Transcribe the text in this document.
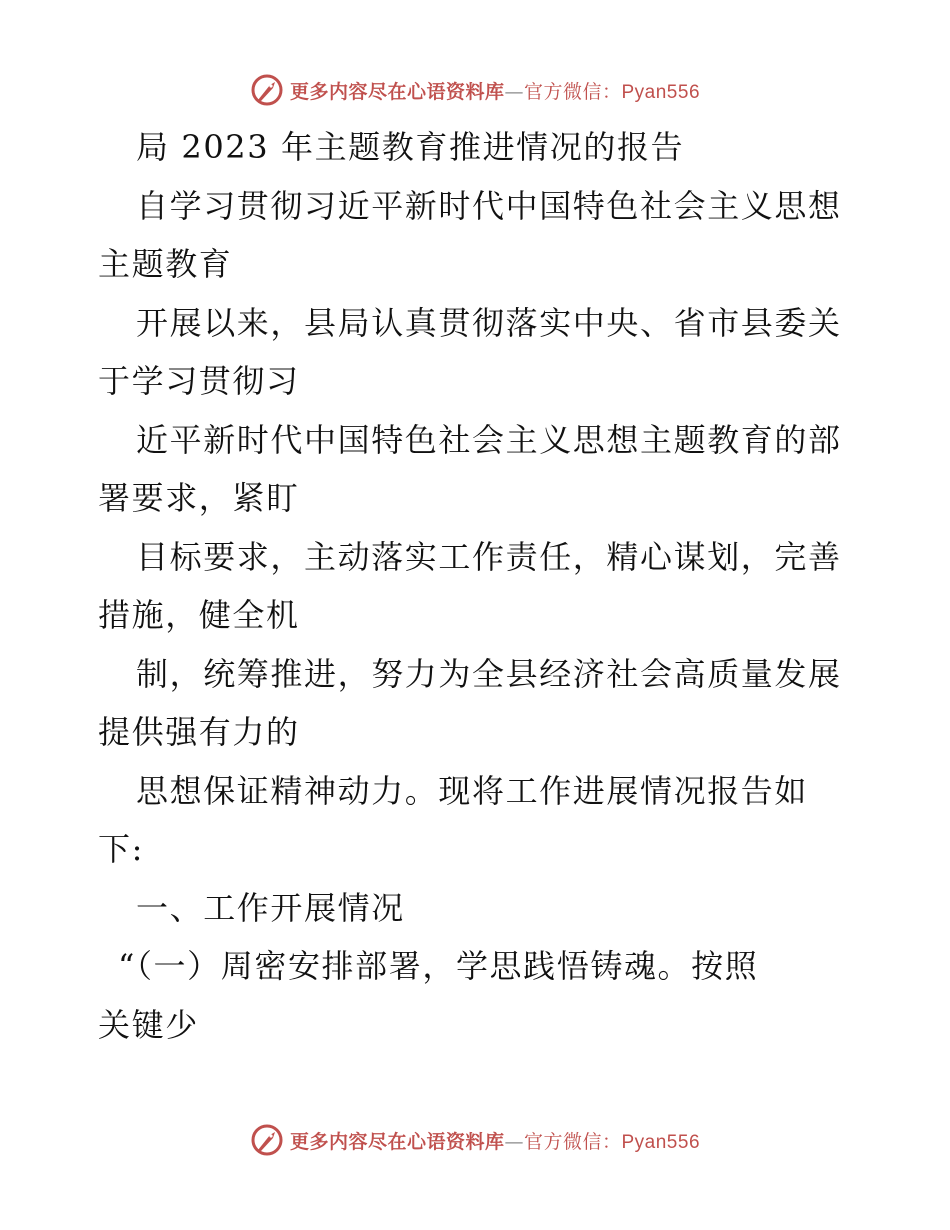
更多内容尽在心语资料库—官方微信：Pyan556
局 2023 年主题教育推进情况的报告
自学习贯彻习近平新时代中国特色社会主义思想
主题教育
开展以来，县局认真贯彻落实中央、省市县委关
于学习贯彻习
近平新时代中国特色社会主义思想主题教育的部
署要求，紧盯
目标要求，主动落实工作责任，精心谋划，完善
措施，健全机
制，统筹推进，努力为全县经济社会高质量发展
提供强有力的
思想保证精神动力。现将工作进展情况报告如
下:
一、工作开展情况
“（一）周密安排部署，学思践悟铸魂。按照
关键少
更多内容尽在心语资料库—官方微信：Pyan556
